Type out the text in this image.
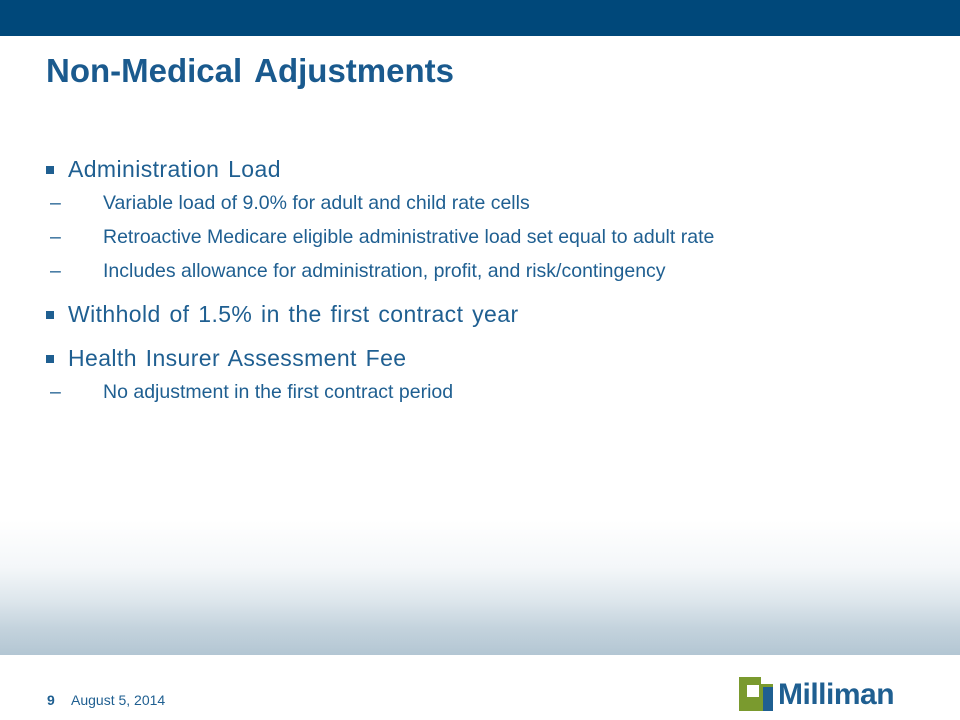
Non-Medical Adjustments
Administration Load
– Variable load of 9.0% for adult and child rate cells
– Retroactive Medicare eligible administrative load set equal to adult rate
– Includes allowance for administration, profit, and risk/contingency
Withhold of 1.5% in the first contract year
Health Insurer Assessment Fee
– No adjustment in the first contract period
9 August 5, 2014	Milliman
